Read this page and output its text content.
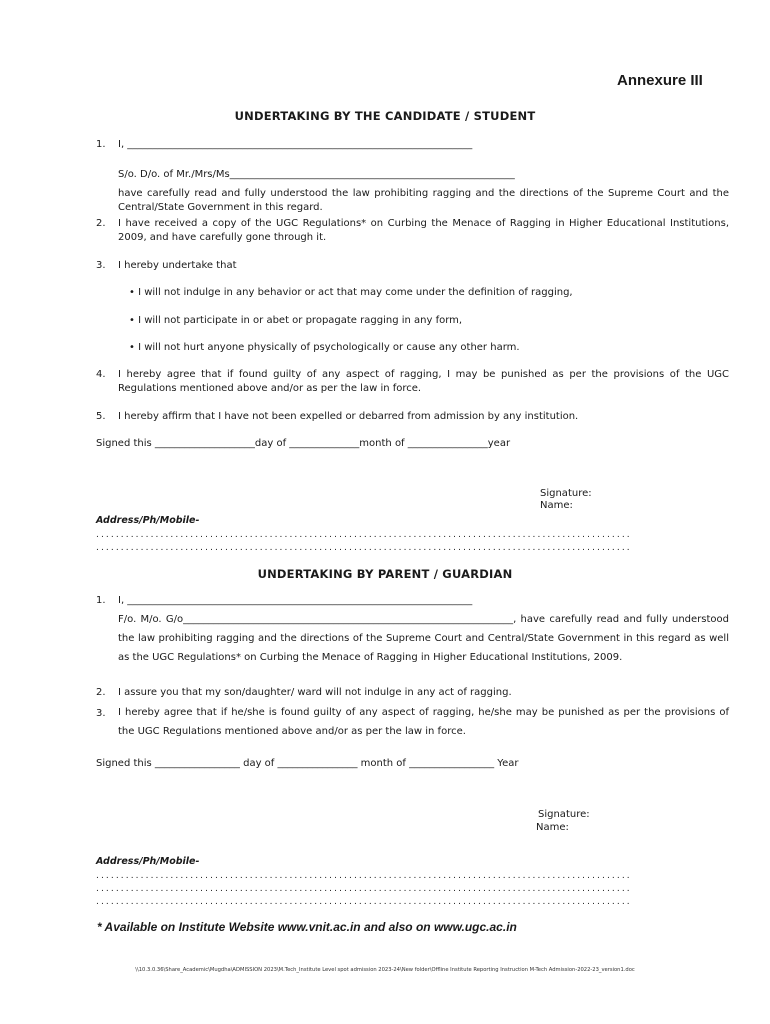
Annexure III
UNDERTAKING BY THE CANDIDATE / STUDENT
1. I, _____________________________________________________________________
S/o. D/o. of Mr./Mrs/Ms_________________________________________________________
have carefully read and fully understood the law prohibiting ragging and the directions of the Supreme Court and the Central/State Government in this regard.
2. I have received a copy of the UGC Regulations* on Curbing the Menace of Ragging in Higher Educational Institutions, 2009, and have carefully gone through it.
3. I hereby undertake that
• I will not indulge in any behavior or act that may come under the definition of ragging,
• I will not participate in or abet or propagate ragging in any form,
• I will not hurt anyone physically of psychologically or cause any other harm.
4. I hereby agree that if found guilty of any aspect of ragging, I may be punished as per the provisions of the UGC Regulations mentioned above and/or as per the law in force.
5. I hereby affirm that I have not been expelled or debarred from admission by any institution.
Signed this ____________________day of ______________month of ________________year
Signature:
Name:
Address/Ph/Mobile-
............................................................................................................
............................................................................................................
UNDERTAKING BY PARENT / GUARDIAN
1. I, _____________________________________________________________________
F/o. M/o. G/o__________________________________________________________________, have carefully read and fully understood the law prohibiting ragging and the directions of the Supreme Court and Central/State Government in this regard as well as the UGC Regulations* on Curbing the Menace of Ragging in Higher Educational Institutions, 2009.
2. I assure you that my son/daughter/ ward will not indulge in any act of ragging.
3. I hereby agree that if he/she is found guilty of any aspect of ragging, he/she may be punished as per the provisions of the UGC Regulations mentioned above and/or as per the law in force.
Signed this _________________ day of ________________ month of _________________ Year
Signature:
Name:
Address/Ph/Mobile-
............................................................................................................
............................................................................................................
............................................................................................................
* Available on Institute Website www.vnit.ac.in and also on www.ugc.ac.in
\\10.3.0.36\Share_Academic\Mugdha\ADMISSION 2023\M.Tech_Institute Level spot admission 2023-24\New folder\Offline Institute Reporting Instruction M-Tech Admission-2022-23_version1.doc
